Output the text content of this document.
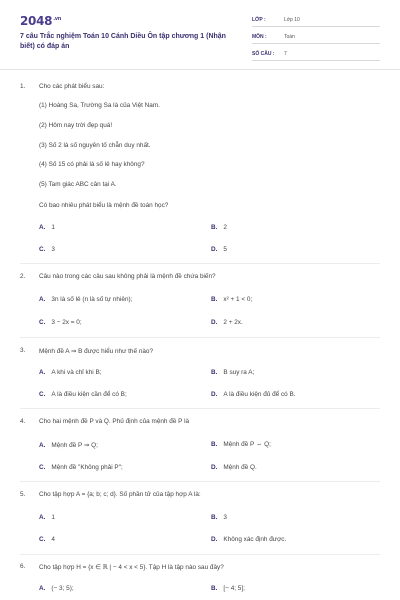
$2048^{.vn}$
7 câu Trắc nghiệm Toán 10 Cánh Diều Ôn tập chương 1 (Nhận biết) có đáp án
LỚP :	Lớp 10
MÔN :	Toán
SỐ CÂU : 7
1. Cho các phát biểu sau:
(1) Hoàng Sa, Trường Sa là của Việt Nam.
(2) Hôm nay trời đẹp quá!
(3) Số 2 là số nguyên tố chẵn duy nhất.
(4) Số 15 có phải là số lẻ hay không?
(5) Tam giác ABC cân tại A.
Có bao nhiêu phát biểu là mệnh đề toán học?
A. 1	B. 2
C. 3	D. 5
2. Câu nào trong các câu sau không phải là mệnh đề chứa biến?
A. 3n là số lẻ (n là số tự nhiên);	B. x² + 1 < 0;
C. 3 − 2x = 0;	D. 2 + 2x.
3. Mệnh đề A ⇒ B được hiểu như thế nào?
A. A khi và chỉ khi B;	B. B suy ra A;
C. A là điều kiện cần để có B;	D. A là điều kiện đủ để có B.
4. Cho hai mệnh đề P và Q. Phủ định của mệnh đề P là
A. Mệnh đề P ⇒ Q;	B. Mệnh đề P ⇔ Q;
C. Mệnh đề "Không phải P";	D. Mệnh đề Q.
5. Cho tập hợp A = {a; b; c; d}. Số phần tử của tập hợp A là:
A. 1	B. 3
C. 4	D. Không xác định được.
6. Cho tập hợp H = {x ∈ ℝ | − 4 < x < 5}. Tập H là tập nào sau đây?
A. (− 3; 5);	B. [− 4; 5];
